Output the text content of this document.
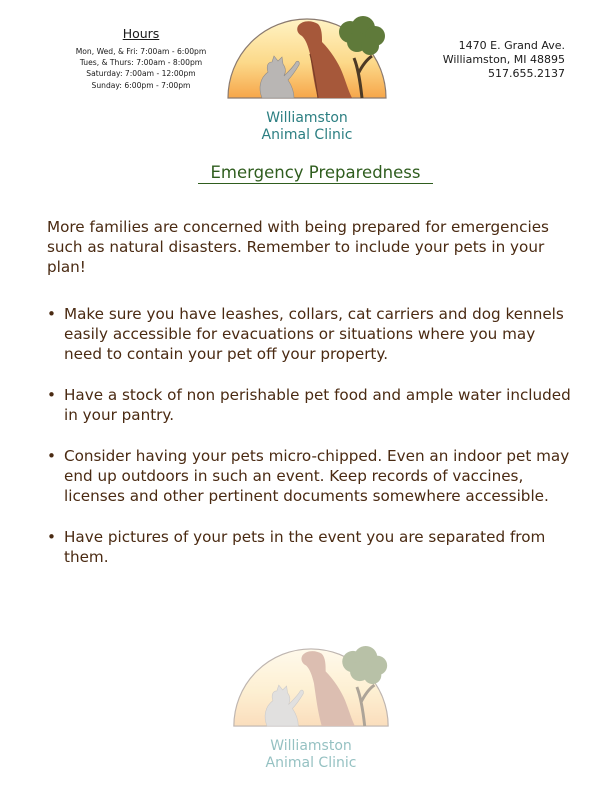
Hours
Mon, Wed, & Fri: 7:00am - 6:00pm
Tues, & Thurs: 7:00am - 8:00pm
Saturday: 7:00am - 12:00pm
Sunday: 6:00pm - 7:00pm
1470 E. Grand Ave.
Williamston, MI 48895
517.655.2137
Williamston
Animal Clinic
Emergency Preparedness

More families are concerned with being prepared for emergencies such as natural disasters. Remember to include your pets in your plan!

• Make sure you have leashes, collars, cat carriers and dog kennels easily accessible for evacuations or situations where you may need to contain your pet off your property.
• Have a stock of non perishable pet food and ample water included in your pantry.
• Consider having your pets micro-chipped. Even an indoor pet may end up outdoors in such an event. Keep records of vaccines, licenses and other pertinent documents somewhere accessible.
• Have pictures of your pets in the event you are separated from them.
Williamston
Animal Clinic
